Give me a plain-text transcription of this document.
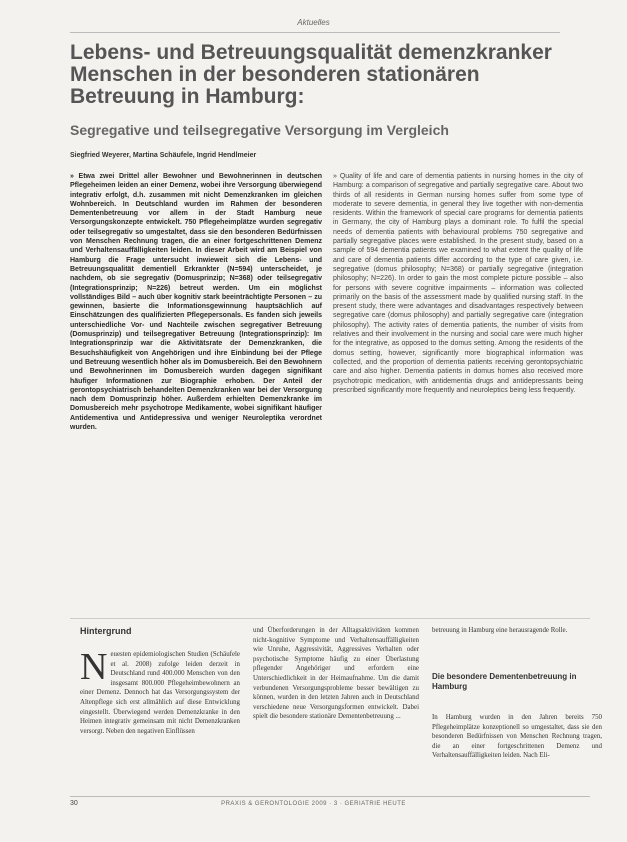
Aktuelles
Lebens- und Betreuungsqualität demenzkranker Menschen in der besonderen stationären Betreuung in Hamburg:
Segregative und teilsegregative Versorgung im Vergleich
Siegfried Weyerer, Martina Schäufele, Ingrid Hendlmeier
» Etwa zwei Drittel aller Bewohner und Bewohnerinnen in deutschen Pflegeheimen leiden an einer Demenz, wobei ihre Versorgung überwiegend integrativ erfolgt, d.h. zusammen mit nicht Demenzkranken im gleichen Wohnbereich. In Deutschland wurden im Rahmen der besonderen Dementenbetreuung vor allem in der Stadt Hamburg neue Versorgungskonzepte entwickelt. 750 Pflegeheimplätze wurden segregativ oder teilsegregativ so umgestaltet, dass sie den besonderen Bedürfnissen von Menschen Rechnung tragen, die an einer fortgeschrittenen Demenz und Verhaltensauffälligkeiten leiden. In dieser Arbeit wird am Beispiel von Hamburg die Frage untersucht inwieweit sich die Lebens- und Betreuungsqualität dementiell Erkrankter (N=594) unterscheidet, je nachdem, ob sie segregativ (Domusprinzip; N=368) oder teilsegregativ (Integrationsprinzip; N=226) betreut werden. Um ein möglichst vollständiges Bild – auch über kognitiv stark beeinträchtigte Personen – zu gewinnen, basierte die Informationsgewinnung hauptsächlich auf Einschätzungen des qualifizierten Pflegepersonals. Es fanden sich jeweils unterschiedliche Vor- und Nachteile zwischen segregativer Betreuung (Domusprinzip) und teilsegregativer Betreuung (Integrationsprinzip): Im Integrationsprinzip war die Aktivitätsrate der Demenzkranken, die Besuchshäufigkeit von Angehörigen und ihre Einbindung bei der Pflege und Betreuung wesentlich höher als im Domusbereich. Bei den Bewohnern und Bewohnerinnen im Domusbereich wurden dagegen signifikant häufiger Informationen zur Biographie erhoben. Der Anteil der gerontopsychiatrisch behandelten Demenzkranken war bei der Versorgung nach dem Domusprinzip höher. Außerdem erhielten Demenzkranke im Domusbereich mehr psychotrope Medikamente, wobei signifikant häufiger Antidementiva und Antidepressiva und weniger Neuroleptika verordnet wurden.
» Quality of life and care of dementia patients in nursing homes in the city of Hamburg: a comparison of segregative and partially segregative care. About two thirds of all residents in German nursing homes suffer from some type of moderate to severe dementia, in general they live together with non-dementia residents. Within the framework of special care programs for dementia patients in Germany, the city of Hamburg plays a dominant role. To fulfil the special needs of dementia patients with behavioural problems 750 segregative and partially segregative places were established. In the present study, based on a sample of 594 dementia patients we examined to what extent the quality of life and care of dementia patients differ according to the type of care given, i.e. segregative (domus philosophy; N=368) or partially segregative (integration philosophy; N=226). In order to gain the most complete picture possible – also for persons with severe cognitive impairments – information was collected primarily on the basis of the assessment made by qualified nursing staff. In the present study, there were advantages and disadvantages respectively between segregative care (domus philosophy) and partially segregative care (integration philosophy). The activity rates of dementia patients, the number of visits from relatives and their involvement in the nursing and social care were much higher for the integrative, as opposed to the domus setting. Among the residents of the domus setting, however, significantly more biographical information was collected, and the proportion of dementia patients receiving gerontopsychiatric care and also higher. Dementia patients in domus homes also received more psychotropic medication, with antidementia drugs and antidepressants being prescribed significantly more frequently and neuroleptics being less frequently.
Hintergrund
N euesten epidemiologischen Studien (Schäufele et al. 2008) zufolge leiden derzeit in Deutschland rund 400.000 Menschen von den insgesamt 800.000 Pflegeheimbewohnern an einer Demenz. Dennoch hat das Versorgungssystem der Altenpflege sich erst allmählich auf diese Entwicklung eingestellt. Überwiegend werden Demenzkranke in den Heimen integrativ gemeinsam mit nicht Demenzkranken versorgt. Neben den negativen Einflüssen
und Überforderungen in der Alltagsaktivitäten kommen nicht-kognitive Symptome und Verhaltensauffälligkeiten wie Unruhe, Aggressivität, Aggressives Verhalten oder psychotische Symptome häufig zu einer Überlastung pflegender Angehöriger und erfordern eine Unterschiedlichkeit in der Heimaufnahme. Um die damit verbundenen Versorgungsprobleme besser bewältigen zu können, wurden in den letzten Jahren auch in Deutschland verschiedene neue Versorgungsformen entwickelt. Dabei spielt die besondere stationäre Dementenbetreuung ...
betreuung in Hamburg eine herausragende Rolle.
Die besondere Dementenbetreuung in Hamburg
In Hamburg wurden in den Jahren bereits 750 Pflegeheimplätze konzeptionell so umgestaltet, dass sie den besonderen Bedürfnissen von Menschen Rechnung tragen, die an einer fortgeschrittenen Demenz und Verhaltensauffälligkeiten leiden. Nach Eli-
30	PRAXIS & GERONTOLOGIE 2009 · 3 · GERIATRIE HEUTE
